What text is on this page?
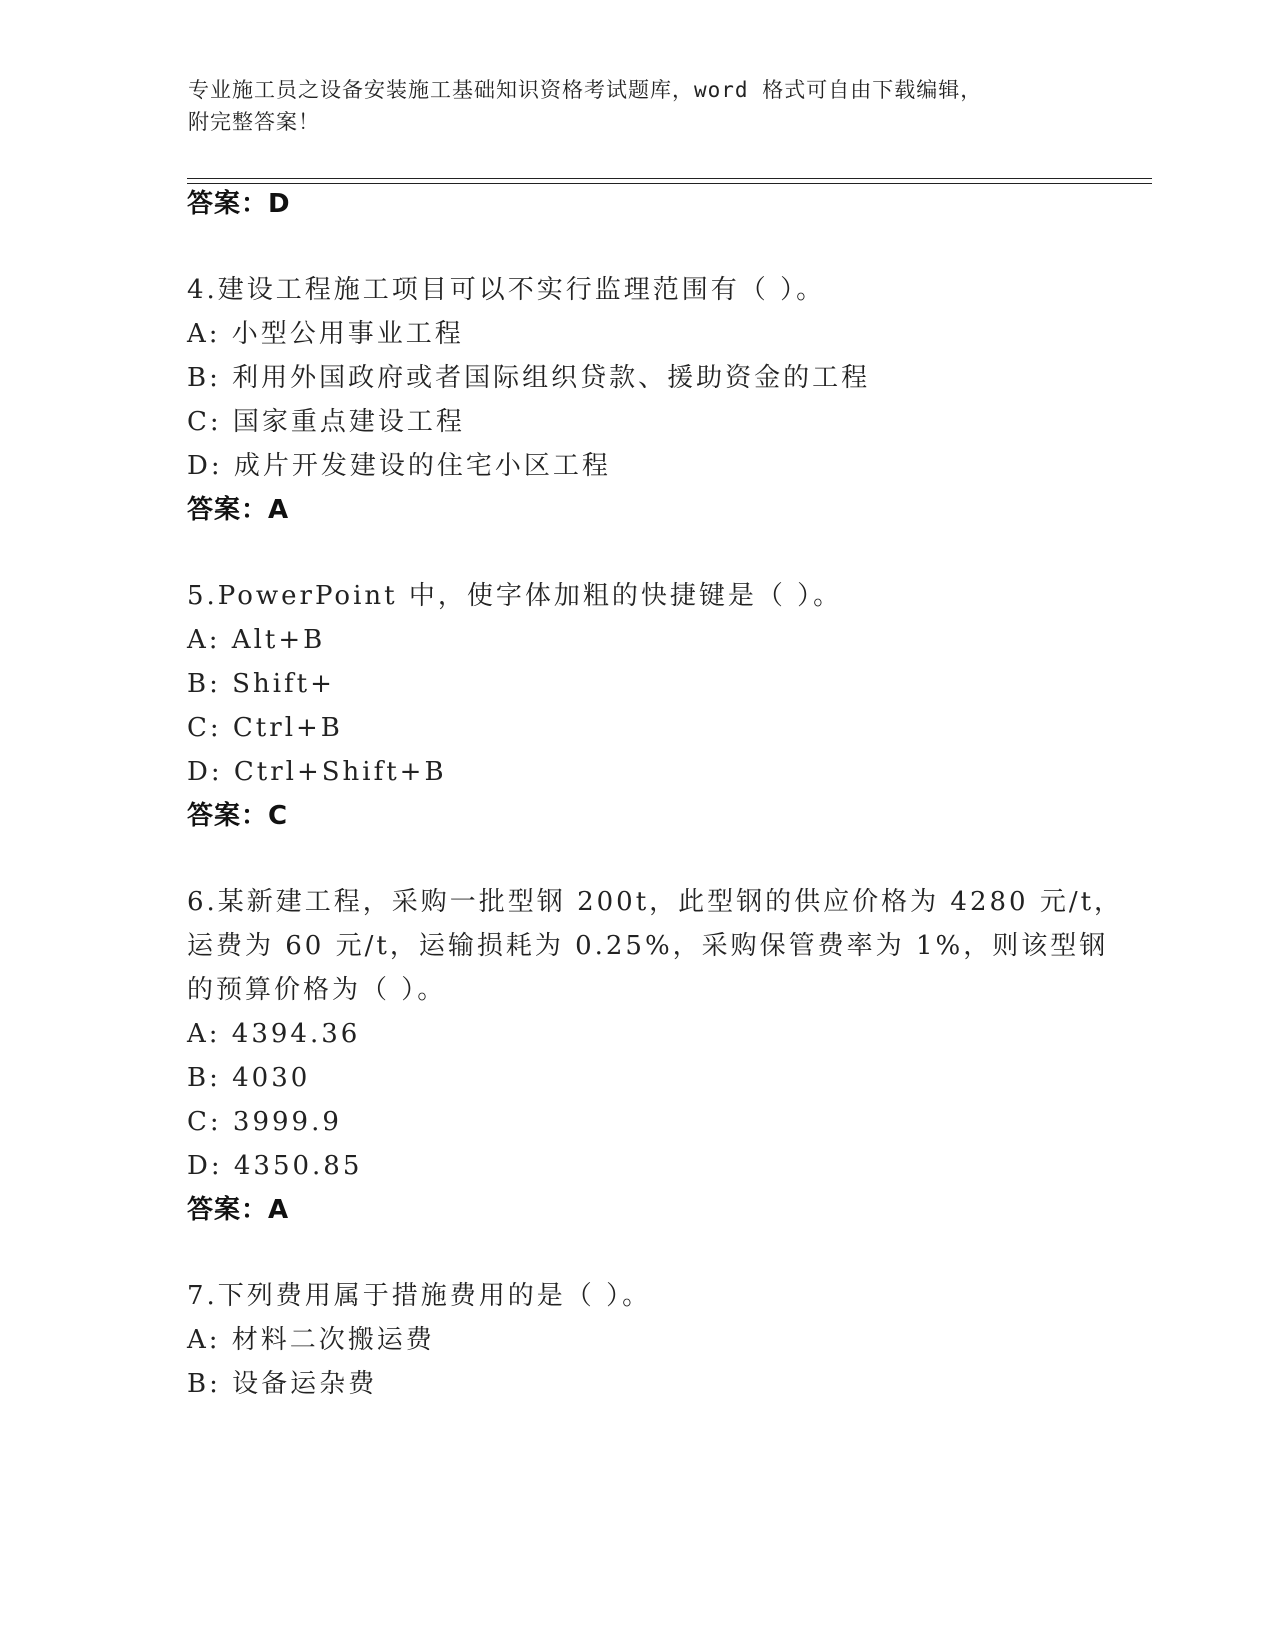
专业施工员之设备安装施工基础知识资格考试题库，word 格式可自由下载编辑，
附完整答案！
答案：D
4.建设工程施工项目可以不实行监理范围有（ ）。
A: 小型公用事业工程
B: 利用外国政府或者国际组织贷款、援助资金的工程
C: 国家重点建设工程
D: 成片开发建设的住宅小区工程
答案：A
5.PowerPoint 中，使字体加粗的快捷键是（ ）。
A: Alt+B
B: Shift+
C: Ctrl+B
D: Ctrl+Shift+B
答案：C
6.某新建工程，采购一批型钢 200t，此型钢的供应价格为 4280 元/t，
运费为 60 元/t，运输损耗为 0.25%，采购保管费率为 1%，则该型钢
的预算价格为（ ）。
A: 4394.36
B: 4030
C: 3999.9
D: 4350.85
答案：A
7.下列费用属于措施费用的是（ ）。
A: 材料二次搬运费
B: 设备运杂费
